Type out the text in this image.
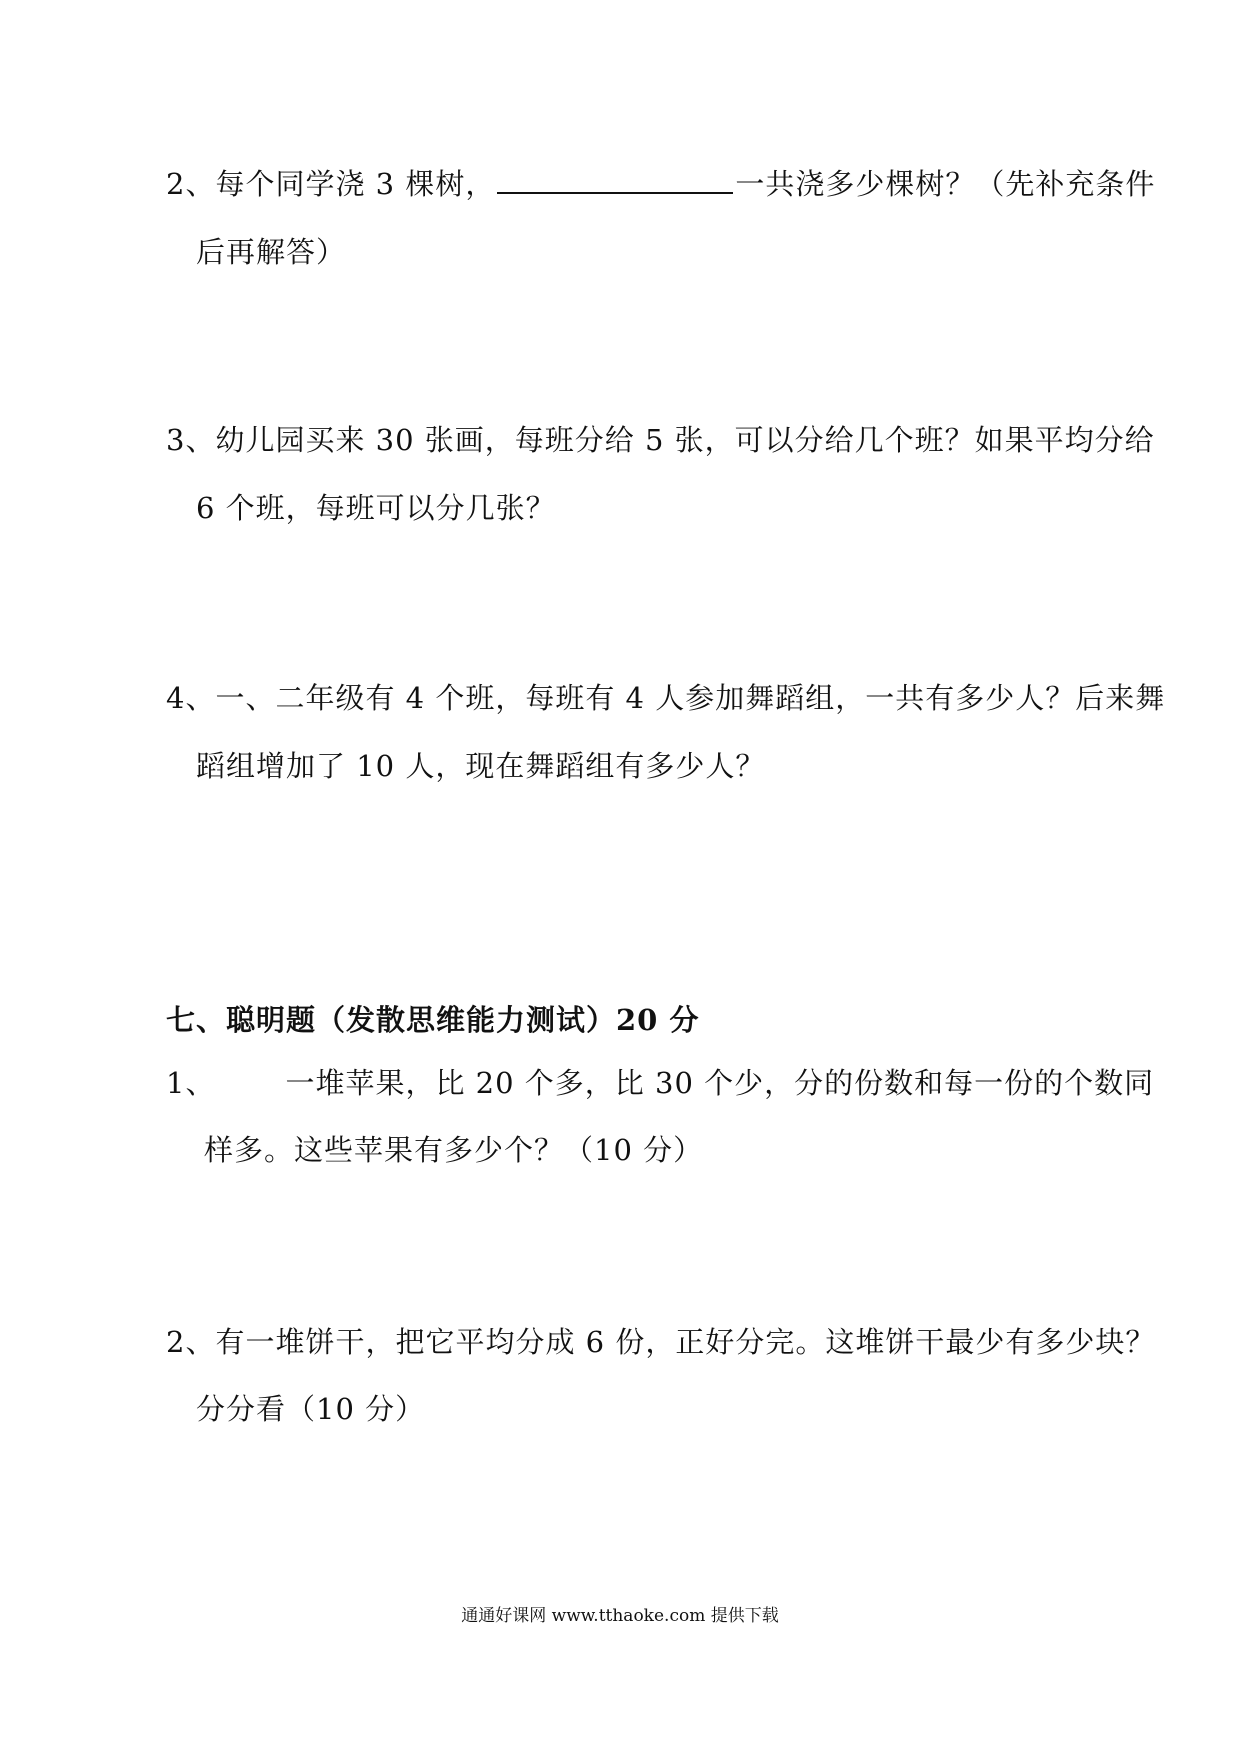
2、每个同学浇 3 棵树，	一共浇多少棵树？（先补充条件
后再解答）
3、幼儿园买来 30 张画，每班分给 5 张，可以分给几个班？如果平均分给
6 个班，每班可以分几张？
4、一、二年级有 4 个班，每班有 4 人参加舞蹈组，一共有多少人？后来舞
蹈组增加了 10 人，现在舞蹈组有多少人？
七、聪明题（发散思维能力测试）20 分
1、 一堆苹果，比 20 个多，比 30 个少，分的份数和每一份的个数同
样多。这些苹果有多少个？（10 分）
2、有一堆饼干，把它平均分成 6 份，正好分完。这堆饼干最少有多少块？
分分看（10 分）
通通好课网 www.tthaoke.com 提供下载
